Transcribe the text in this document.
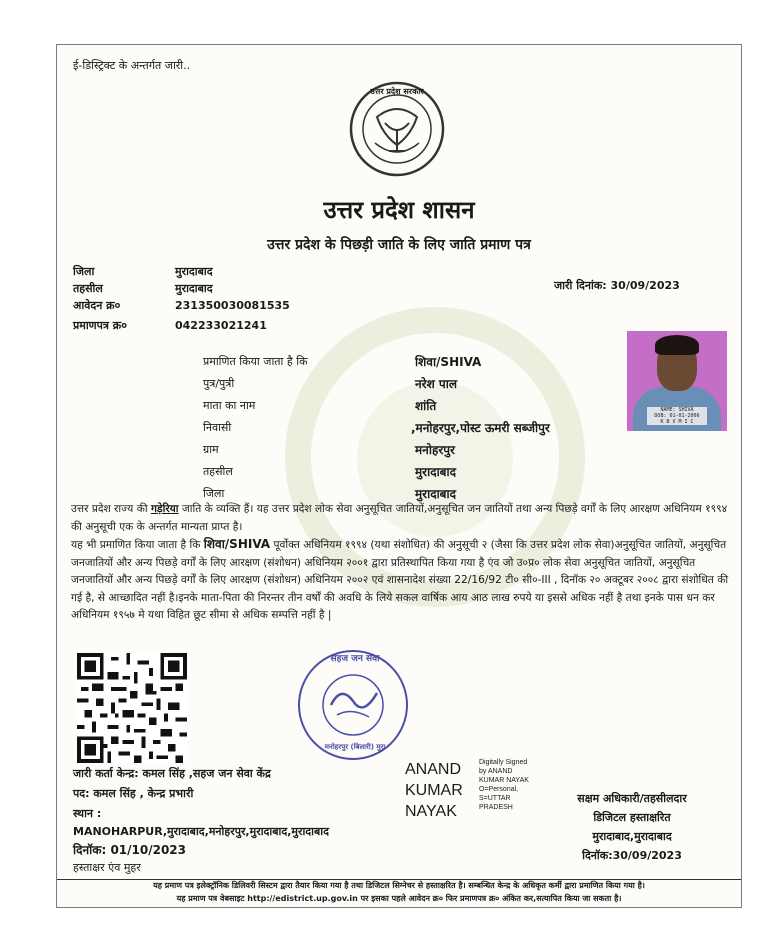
ई-डिस्ट्रिक्ट के अन्तर्गत जारी..
उत्तर प्रदेश सरकार
उत्तर प्रदेश शासन
उत्तर प्रदेश के पिछड़ी जाति के लिए जाति प्रमाण पत्र
जिला	मुरादाबाद
तहसील	मुरादाबाद
आवेदन क्र०	231350030081535
प्रमाणपत्र क्र०	042233021241
जारी दिनांक: 30/09/2023
प्रमाणित किया जाता है कि	शिवा/SHIVA
पुत्र/पुत्री	नरेश पाल
माता का नाम	शांति
निवासी	,मनोहरपुर,पोस्ट ऊमरी सब्जीपुर
ग्राम	मनोहरपुर
तहसील	मुरादाबाद
जिला	मुरादाबाद
NAME: SHIVA
DOB: 01-01-2006
K B V M I C

उत्तर प्रदेश राज्य की गड़ेरिया जाति के व्यक्ति हैं। यह उत्तर प्रदेश लोक सेवा अनुसूचित जातियों,अनुसूचित जन जातियों तथा अन्य पिछड़े वर्गों के लिए आरक्षण अधिनियम १९९४ की अनुसूची एक के अन्तर्गत मान्यता प्राप्त है।

यह भी प्रमाणित किया जाता है कि शिवा/SHIVA पूर्वोक्त अधिनियम १९९४ (यथा संशोधित) की अनुसूची २ (जैसा कि उत्तर प्रदेश लोक सेवा)अनुसूचित जातियों, अनुसूचित जनजातियों और अन्य पिछड़े वर्गों के लिए आरक्षण (संशोधन) अधिनियम २००१ द्वारा प्रतिस्थापित किया गया है एंव जो उ०प्र० लोक सेवा अनुसूचित जातियों, अनुसूचित जनजातियों और अन्य पिछड़े वर्गों के लिए आरक्षण (संशोधन) अधिनियम २००२ एवं शासनादेश संख्या 22/16/92 टी० सी०-III , दिनॉक २० अक्टूबर २००८ द्वारा संशोधित की गई है, से आच्छादित नहीं है।इनके माता-पिता की निरन्तर तीन वर्षों की अवधि के लिये सकल वार्षिक आय आठ लाख रुपये या इससे अधिक नहीं है तथा इनके पास धन कर अधिनियम १९५७ मे यथा विहित छूट सीमा से अधिक सम्पत्ति नहीं है |

सहज जन सेवा
मनोहरपुर (बिलारी) मुरा
जारी कर्ता केन्द्र: कमल सिंह ,सहज जन सेवा केंद्र
पद: कमल सिंह , केन्द्र प्रभारी
स्थान :
MANOHARPUR,मुरादाबाद,मनोहरपुर,मुरादाबाद,मुरादाबाद
दिनॉक: 01/10/2023
हस्ताक्षर एंव मुहर
ANAND
KUMAR
NAYAK
Digitally Signed
by ANAND
KUMAR NAYAK
O=Personal,
S=UTTAR
PRADESH
सक्षम अधिकारी/तहसीलदार
डिजिटल हस्ताक्षरित
मुरादाबाद,मुरादाबाद
दिनॉक:30/09/2023
यह प्रमाण पत्र इलेक्ट्रॉनिक डिलिवरी सिस्टम द्वारा तैयार किया गया है तथा डिजिटल सिग्नेचर से हस्ताक्षरित है। सम्बन्धित केन्द्र के अधिकृत कर्मी द्वारा प्रमाणित किया गया है।
यह प्रमाण पत्र वेबसाइट http://edistrict.up.gov.in पर इसका पहले आवेदन क्र० फिर प्रमाणपत्र क्र० अंकित कर,सत्यापित किया जा सकता है।
